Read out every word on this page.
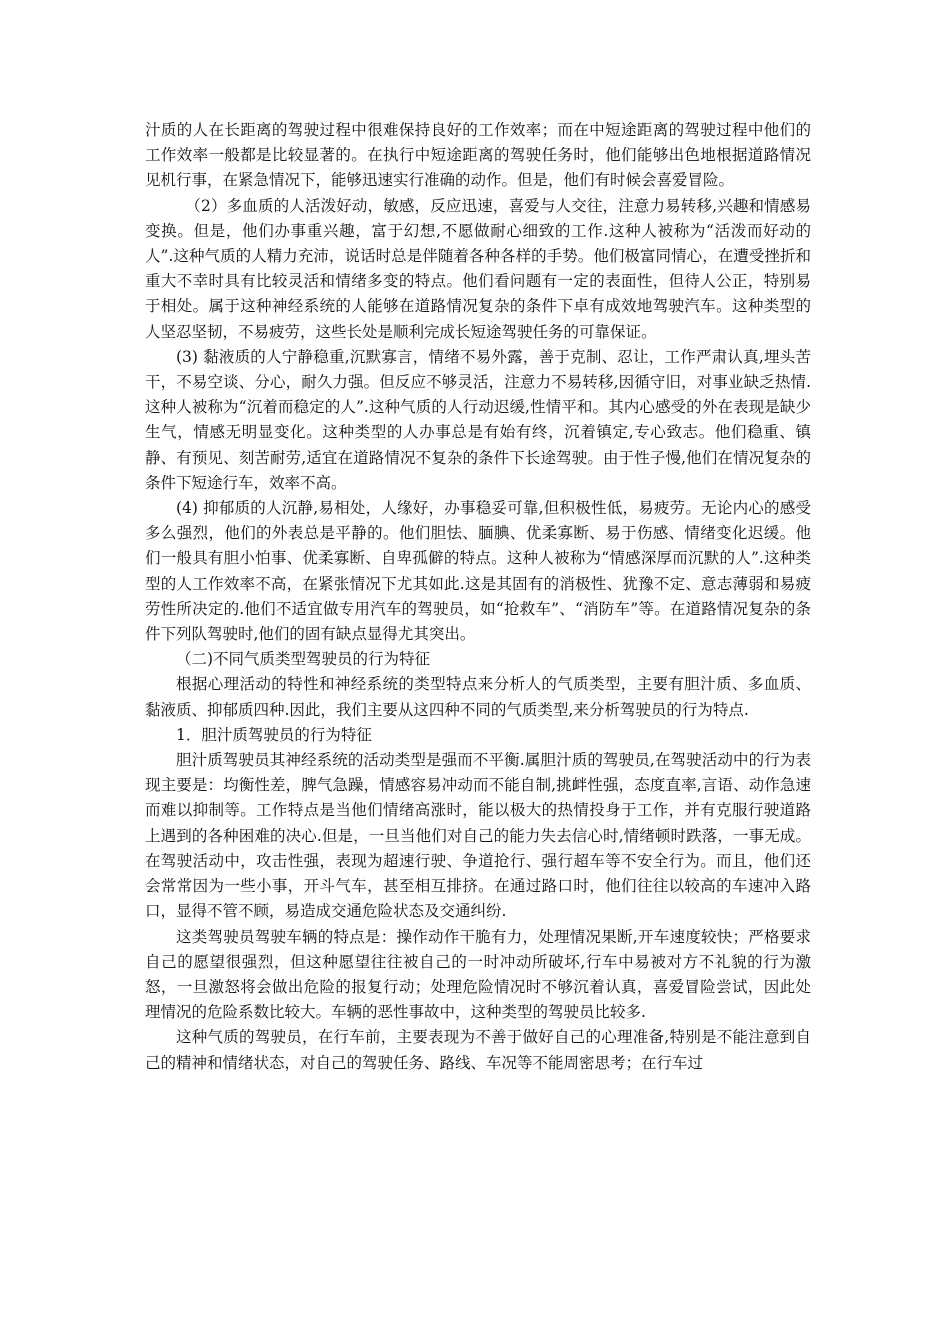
汁质的人在长距离的驾驶过程中很难保持良好的工作效率；而在中短途距离的驾驶过程中他们的工作效率一般都是比较显著的。在执行中短途距离的驾驶任务时，他们能够出色地根据道路情况见机行事，在紧急情况下，能够迅速实行准确的动作。但是，他们有时候会喜爱冒险。

（2）多血质的人活泼好动，敏感，反应迅速，喜爱与人交往，注意力易转移,兴趣和情感易变换。但是，他们办事重兴趣，富于幻想,不愿做耐心细致的工作.这种人被称为“活泼而好动的人”.这种气质的人精力充沛，说话时总是伴随着各种各样的手势。他们极富同情心，在遭受挫折和重大不幸时具有比较灵活和情绪多变的特点。他们看问题有一定的表面性，但待人公正，特别易于相处。属于这种神经系统的人能够在道路情况复杂的条件下卓有成效地驾驶汽车。这种类型的人坚忍坚韧，不易疲劳，这些长处是顺利完成长短途驾驶任务的可靠保证。

(3) 黏液质的人宁静稳重,沉默寡言，情绪不易外露，善于克制、忍让，工作严肃认真,埋头苦干，不易空谈、分心，耐久力强。但反应不够灵活，注意力不易转移,因循守旧，对事业缺乏热情.这种人被称为“沉着而稳定的人”.这种气质的人行动迟缓,性情平和。其内心感受的外在表现是缺少生气，情感无明显变化。这种类型的人办事总是有始有终，沉着镇定,专心致志。他们稳重、镇静、有预见、刻苦耐劳,适宜在道路情况不复杂的条件下长途驾驶。由于性子慢,他们在情况复杂的条件下短途行车，效率不高。

(4) 抑郁质的人沉静,易相处，人缘好，办事稳妥可靠,但积极性低，易疲劳。无论内心的感受多么强烈，他们的外表总是平静的。他们胆怯、腼腆、优柔寡断、易于伤感、情绪变化迟缓。他们一般具有胆小怕事、优柔寡断、自卑孤僻的特点。这种人被称为“情感深厚而沉默的人”.这种类型的人工作效率不高，在紧张情况下尤其如此.这是其固有的消极性、犹豫不定、意志薄弱和易疲劳性所决定的.他们不适宜做专用汽车的驾驶员，如“抢救车”、“消防车”等。在道路情况复杂的条件下列队驾驶时,他们的固有缺点显得尤其突出。

（二)不同气质类型驾驶员的行为特征

根据心理活动的特性和神经系统的类型特点来分析人的气质类型，主要有胆汁质、多血质、黏液质、抑郁质四种.因此，我们主要从这四种不同的气质类型,来分析驾驶员的行为特点.

1．胆汁质驾驶员的行为特征

胆汁质驾驶员其神经系统的活动类型是强而不平衡.属胆汁质的驾驶员,在驾驶活动中的行为表现主要是：均衡性差，脾气急躁，情感容易冲动而不能自制,挑衅性强，态度直率,言语、动作急速而难以抑制等。工作特点是当他们情绪高涨时，能以极大的热情投身于工作，并有克服行驶道路上遇到的各种困难的决心.但是，一旦当他们对自己的能力失去信心时,情绪顿时跌落，一事无成。在驾驶活动中，攻击性强，表现为超速行驶、争道抢行、强行超车等不安全行为。而且，他们还会常常因为一些小事，开斗气车，甚至相互排挤。在通过路口时，他们往往以较高的车速冲入路口，显得不管不顾，易造成交通危险状态及交通纠纷.

这类驾驶员驾驶车辆的特点是：操作动作干脆有力，处理情况果断,开车速度较快；严格要求自己的愿望很强烈，但这种愿望往往被自己的一时冲动所破坏,行车中易被对方不礼貌的行为激怒，一旦激怒将会做出危险的报复行动；处理危险情况时不够沉着认真，喜爱冒险尝试，因此处理情况的危险系数比较大。车辆的恶性事故中，这种类型的驾驶员比较多.

这种气质的驾驶员，在行车前，主要表现为不善于做好自己的心理准备,特别是不能注意到自己的精神和情绪状态，对自己的驾驶任务、路线、车况等不能周密思考；在行车过
